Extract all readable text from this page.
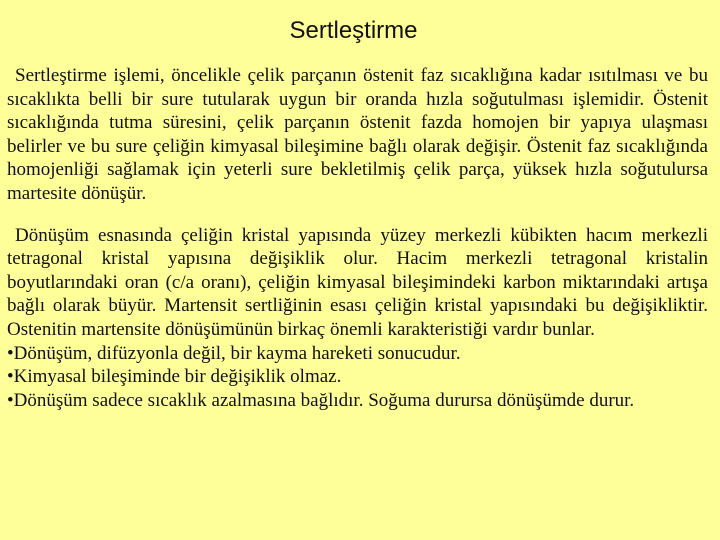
Sertleştirme

Sertleştirme işlemi, öncelikle çelik parçanın östenit faz sıcaklığına kadar ısıtılması ve bu sıcaklıkta belli bir sure tutularak uygun bir oranda hızla soğutulması işlemidir. Östenit sıcaklığında tutma süresini, çelik parçanın östenit fazda homojen bir yapıya ulaşması belirler ve bu sure çeliğin kimyasal bileşimine bağlı olarak değişir. Östenit faz sıcaklığında homojenliği sağlamak için yeterli sure bekletilmiş çelik parça, yüksek hızla soğutulursa martesite dönüşür.

Dönüşüm esnasında çeliğin kristal yapısında yüzey merkezli kübikten hacım merkezli tetragonal kristal yapısına değişiklik olur. Hacim merkezli tetragonal kristalin boyutlarındaki oran (c/a oranı), çeliğin kimyasal bileşimindeki karbon miktarındaki artışa bağlı olarak büyür. Martensit sertliğinin esası çeliğin kristal yapısındaki bu değişikliktir. Ostenitin martensite dönüşümünün birkaç önemli karakteristiği vardır bunlar.

•Dönüşüm, difüzyonla değil, bir kayma hareketi sonucudur.

•Kimyasal bileşiminde bir değişiklik olmaz.

•Dönüşüm sadece sıcaklık azalmasına bağlıdır. Soğuma durursa dönüşümde durur.
